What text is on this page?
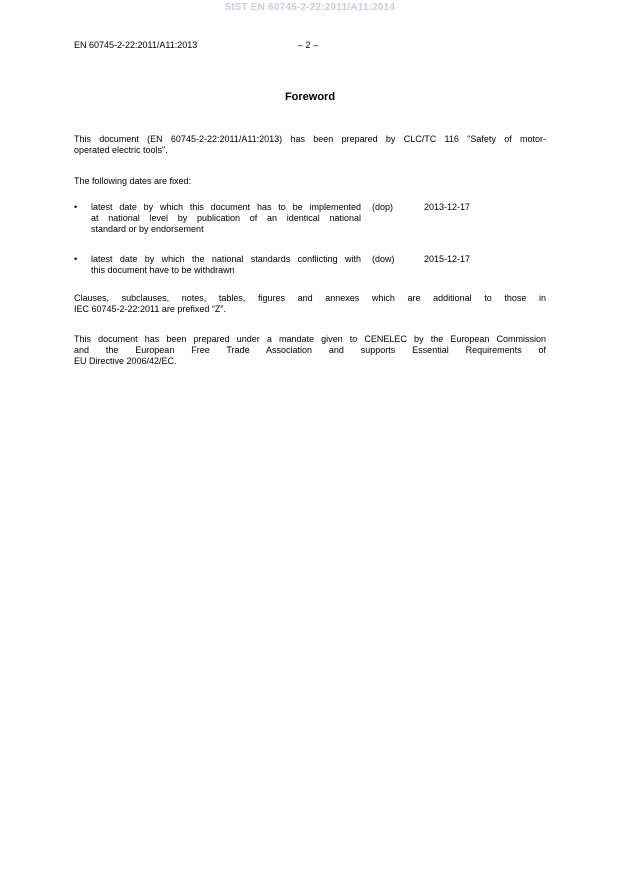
SIST EN 60745-2-22:2011/A11:2014
EN 60745-2-22:2011/A11:2013	– 2 –
Foreword
This document (EN 60745-2-22:2011/A11:2013) has been prepared by CLC/TC 116 "Safety of motor-
operated electric tools".
The following dates are fixed:
• latest date by which this document has to be implemented
at national level by publication of an identical national
standard or by endorsement
(dop)	2013-12-17
• latest date by which the national standards conflicting with
this document have to be withdrawn
(dow)	2015-12-17
Clauses, subclauses, notes, tables, figures and annexes which are additional to those in
IEC 60745-2-22:2011 are prefixed “Z”.
This document has been prepared under a mandate given to CENELEC by the European Commission
and the European Free Trade Association and supports Essential Requirements of
EU Directive 2006/42/EC.
